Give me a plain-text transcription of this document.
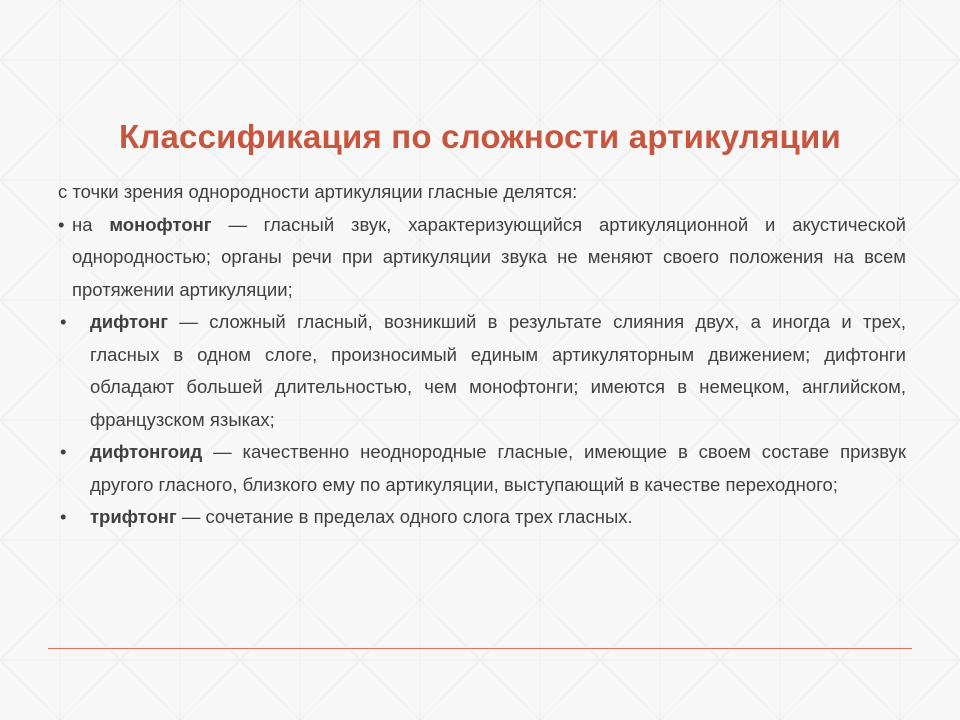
Классификация по сложности артикуляции

с точки зрения однородности артикуляции гласные делятся:

• на монофтонг — гласный звук, характеризующийся артикуляционной и акустической однородностью; органы речи при артикуляции звука не меняют своего положения на всем протяжении артикуляции;
• дифтонг — сложный гласный, возникший в результате слияния двух, а иногда и трех, гласных в одном слоге, произносимый единым артикуляторным движением; дифтонги обладают большей длительностью, чем монофтонги; имеются в немецком, английском, французском языках;
• дифтонгоид — качественно неоднородные гласные, имеющие в своем составе призвук другого гласного, близкого ему по артикуляции, выступающий в качестве переходного;
• трифтонг — сочетание в пределах одного слога трех гласных.
